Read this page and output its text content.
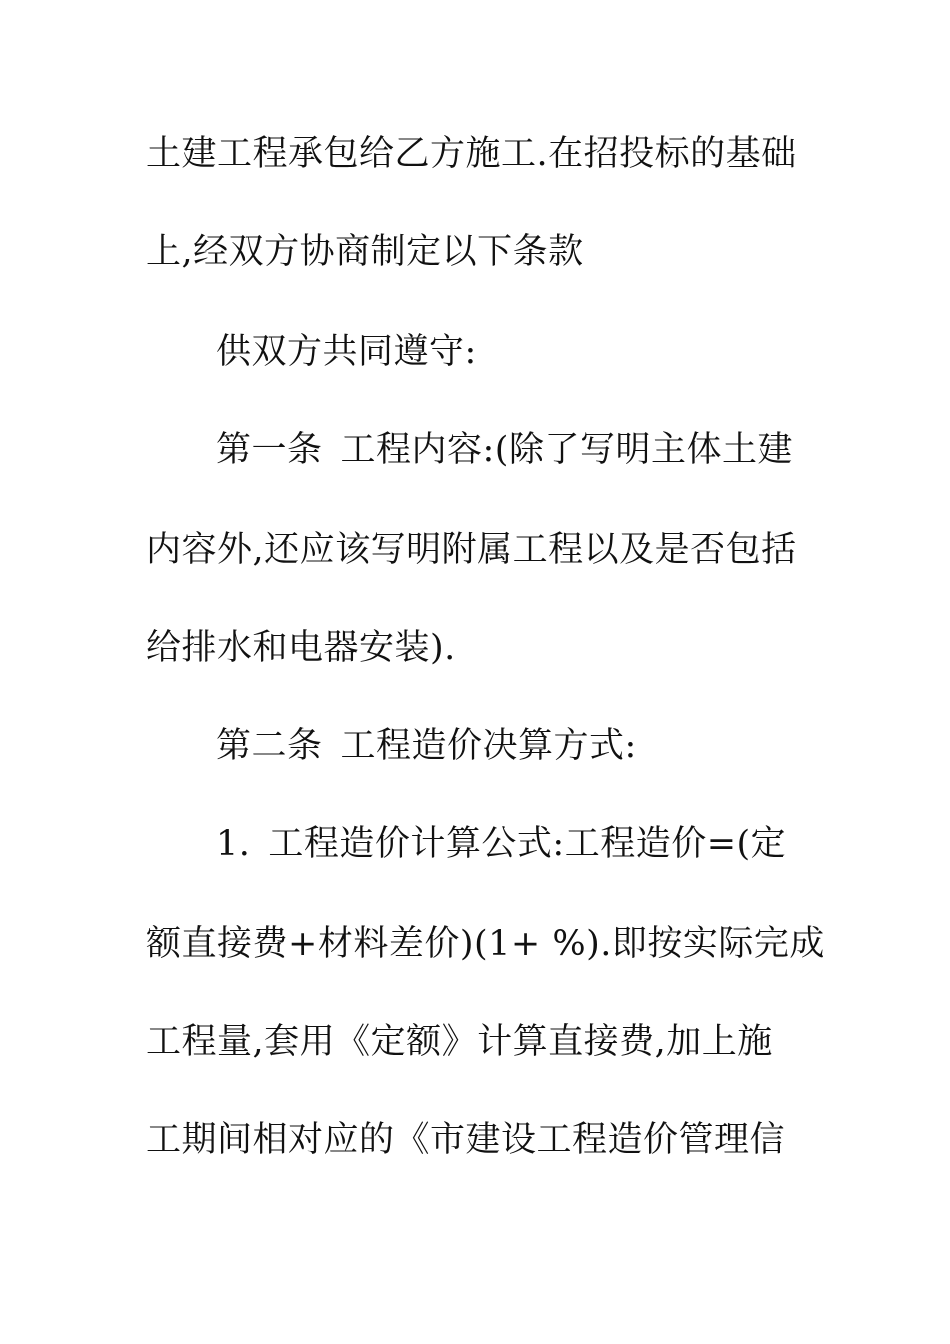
土建工程承包给乙方施工.在招投标的基础
上,经双方协商制定以下条款
供双方共同遵守:
第一条 工程内容:(除了写明主体土建
内容外,还应该写明附属工程以及是否包括
给排水和电器安装).
第二条 工程造价决算方式:
1. 工程造价计算公式:工程造价=(定
额直接费+材料差价)(1+ %).即按实际完成
工程量,套用《定额》计算直接费,加上施
工期间相对应的《市建设工程造价管理信
